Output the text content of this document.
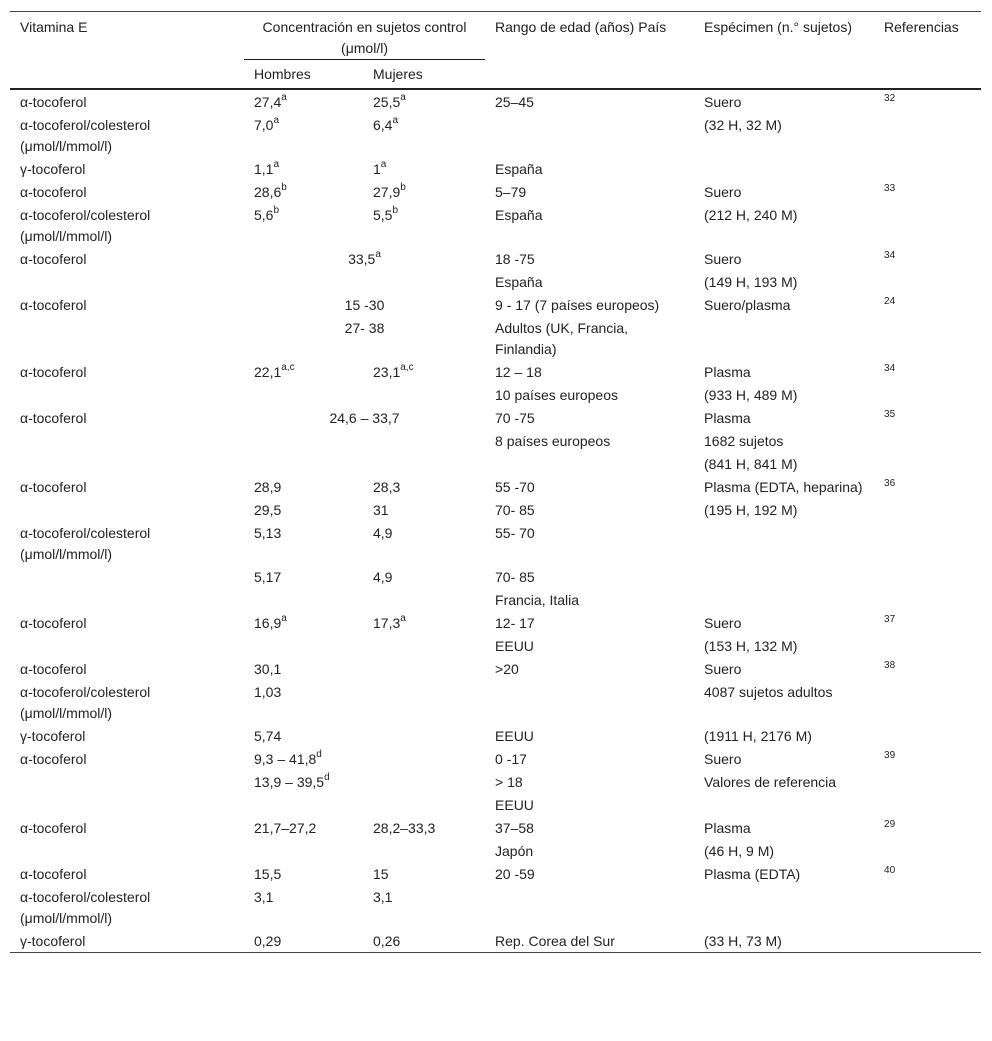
Vitamina E	Concentración en sujetos control (μmol/l)		Rango de edad (años) País	Espécimen (n.° sujetos)	Referencias
	Hombres	Mujeres			
α-tocoferol	27,4$^a$	25,5$^a$	25–45	Suero	32
α-tocoferol/colesterol (μmol/l/mmol/l)	7,0$^a$	6,4$^a$		(32 H, 32 M)	
γ-tocoferol	1,1$^a$	1$^a$	España		
α-tocoferol	28,6$^b$	27,9$^b$	5–79	Suero	33
α-tocoferol/colesterol (μmol/l/mmol/l)	5,6$^b$	5,5$^b$	España	(212 H, 240 M)	
α-tocoferol	33,5$^a$		18 -75	Suero	34
			España	(149 H, 193 M)	
α-tocoferol	15 -30		9 - 17 (7 países europeos)	Suero/plasma	24
	27- 38		Adultos (UK, Francia, Finlandia)		
α-tocoferol	22,1$^{a,c}$	23,1$^{a,c}$	12 – 18	Plasma	34
			10 países europeos	(933 H, 489 M)	
α-tocoferol	24,6 – 33,7		70 -75	Plasma	35
			8 países europeos	1682 sujetos	
				(841 H, 841 M)	
α-tocoferol	28,9	28,3	55 -70	Plasma (EDTA, heparina)	36
	29,5	31	70- 85	(195 H, 192 M)	
α-tocoferol/colesterol (μmol/l/mmol/l)	5,13	4,9	55- 70		
	5,17	4,9	70- 85		
			Francia, Italia		
α-tocoferol	16,9$^a$	17,3$^a$	12- 17	Suero	37
			EEUU	(153 H, 132 M)	
α-tocoferol	30,1		>20	Suero	38
α-tocoferol/colesterol (μmol/l/mmol/l)	1,03			4087 sujetos adultos	
γ-tocoferol	5,74		EEUU	(1911 H, 2176 M)	
α-tocoferol	9,3 – 41,8$^d$		0 -17	Suero	39
	13,9 – 39,5$^d$		> 18	Valores de referencia	
			EEUU		
α-tocoferol	21,7–27,2	28,2–33,3	37–58	Plasma	29
			Japón	(46 H, 9 M)	
α-tocoferol	15,5	15	20 -59	Plasma (EDTA)	40
α-tocoferol/colesterol (μmol/l/mmol/l)	3,1	3,1			
γ-tocoferol	0,29	0,26	Rep. Corea del Sur	(33 H, 73 M)	
